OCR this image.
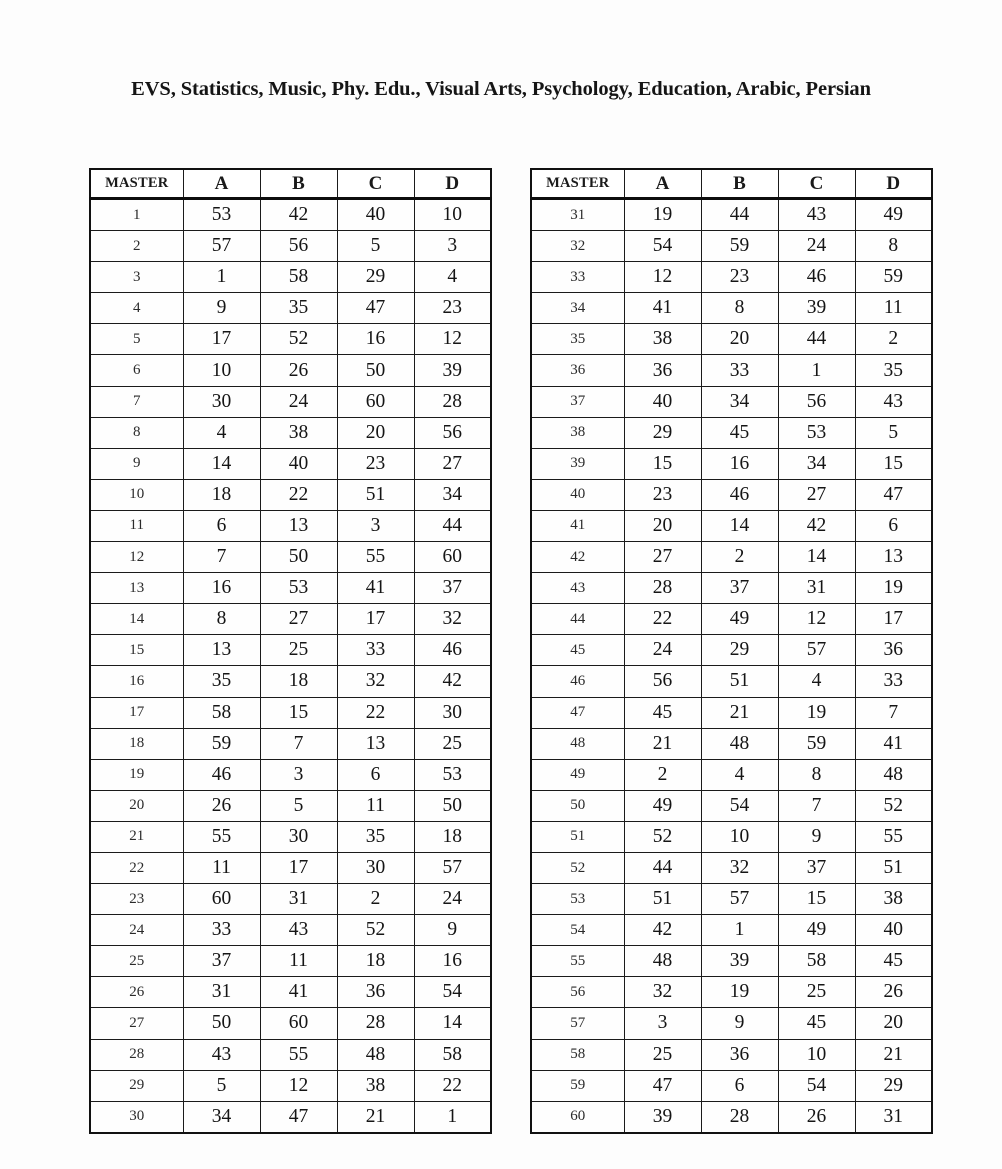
EVS, Statistics, Music, Phy. Edu., Visual Arts, Psychology, Education, Arabic, Persian
MASTER	A	B	C	D
1	53	42	40	10
2	57	56	5	3
3	1	58	29	4
4	9	35	47	23
5	17	52	16	12
6	10	26	50	39
7	30	24	60	28
8	4	38	20	56
9	14	40	23	27
10	18	22	51	34
11	6	13	3	44
12	7	50	55	60
13	16	53	41	37
14	8	27	17	32
15	13	25	33	46
16	35	18	32	42
17	58	15	22	30
18	59	7	13	25
19	46	3	6	53
20	26	5	11	50
21	55	30	35	18
22	11	17	30	57
23	60	31	2	24
24	33	43	52	9
25	37	11	18	16
26	31	41	36	54
27	50	60	28	14
28	43	55	48	58
29	5	12	38	22
30	34	47	21	1
MASTER	A	B	C	D
31	19	44	43	49
32	54	59	24	8
33	12	23	46	59
34	41	8	39	11
35	38	20	44	2
36	36	33	1	35
37	40	34	56	43
38	29	45	53	5
39	15	16	34	15
40	23	46	27	47
41	20	14	42	6
42	27	2	14	13
43	28	37	31	19
44	22	49	12	17
45	24	29	57	36
46	56	51	4	33
47	45	21	19	7
48	21	48	59	41
49	2	4	8	48
50	49	54	7	52
51	52	10	9	55
52	44	32	37	51
53	51	57	15	38
54	42	1	49	40
55	48	39	58	45
56	32	19	25	26
57	3	9	45	20
58	25	36	10	21
59	47	6	54	29
60	39	28	26	31
